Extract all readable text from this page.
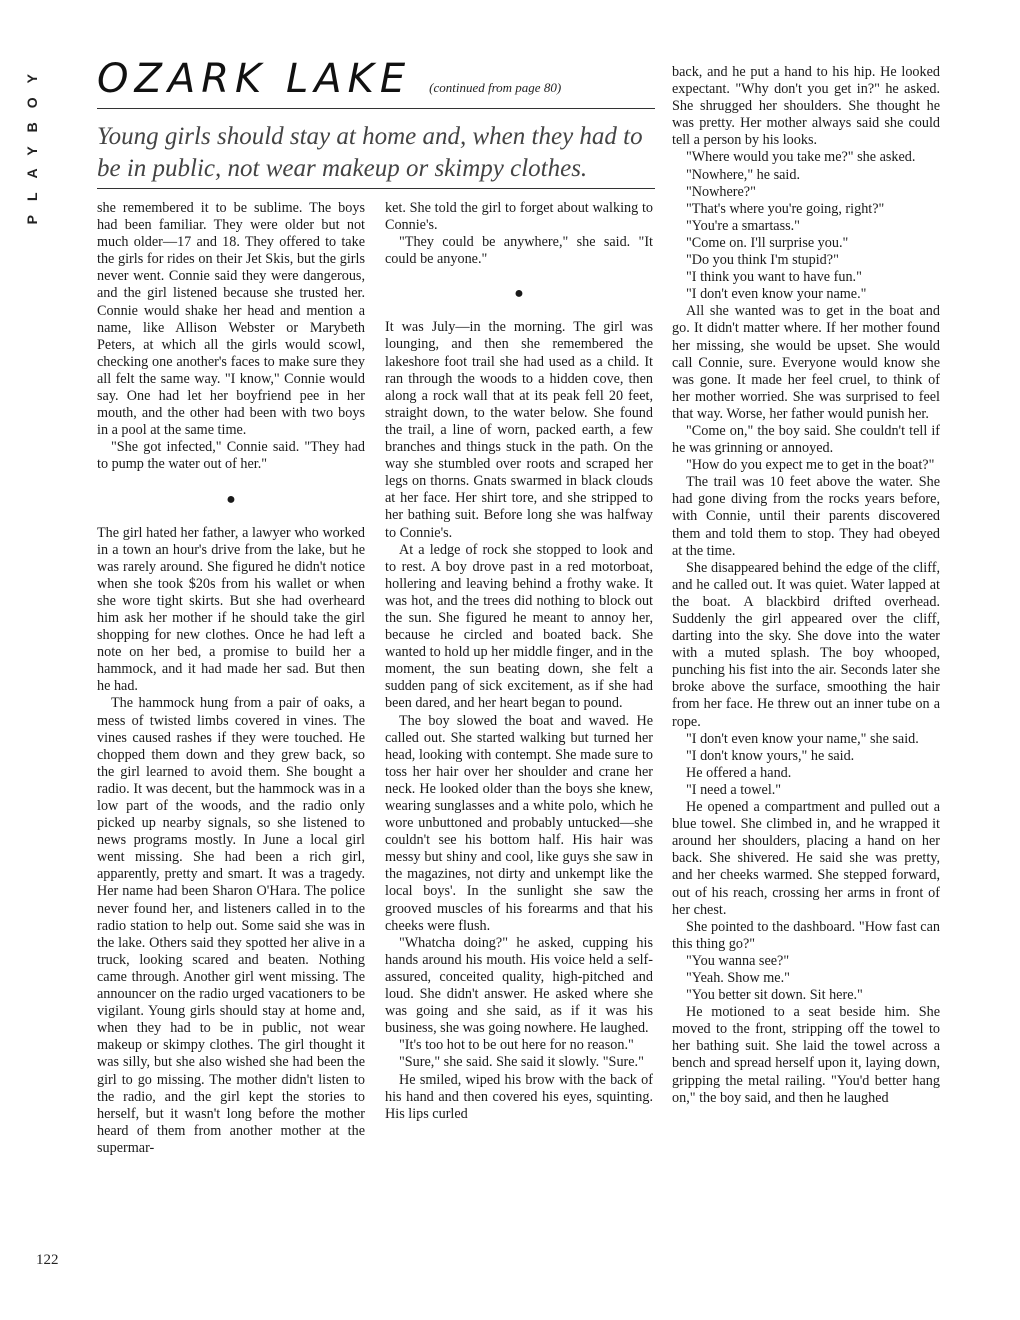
PLAYBOY OZARK LAKE (continued from page 80)
Young girls should stay at home and, when they had to be in public, not wear makeup or skimpy clothes.

she remembered it to be sublime. The boys had been familiar. They were older but not much older—17 and 18. They offered to take the girls for rides on their Jet Skis, but the girls never went. Connie said they were dangerous, and the girl listened because she trusted her. Connie would shake her head and mention a name, like Allison Webster or Marybeth Peters, at which all the girls would scowl, checking one another's faces to make sure they all felt the same way. "I know," Connie would say. One had let her boyfriend pee in her mouth, and the other had been with two boys in a pool at the same time.

"She got infected," Connie said. "They had to pump the water out of her."

●

The girl hated her father, a lawyer who worked in a town an hour's drive from the lake, but he was rarely around. She figured he didn't notice when she took $20s from his wallet or when she wore tight skirts. But she had overheard him ask her mother if he should take the girl shopping for new clothes. Once he had left a note on her bed, a promise to build her a hammock, and it had made her sad. But then he had.

The hammock hung from a pair of oaks, a mess of twisted limbs covered in vines. The vines caused rashes if they were touched. He chopped them down and they grew back, so the girl learned to avoid them. She bought a radio. It was decent, but the hammock was in a low part of the woods, and the radio only picked up nearby signals, so she listened to news programs mostly. In June a local girl went missing. She had been a rich girl, apparently, pretty and smart. It was a tragedy. Her name had been Sharon O'Hara. The police never found her, and listeners called in to the radio station to help out. Some said she was in the lake. Others said they spotted her alive in a truck, looking scared and beaten. Nothing came through. Another girl went missing. The announcer on the radio urged vacationers to be vigilant. Young girls should stay at home and, when they had to be in public, not wear makeup or skimpy clothes. The girl thought it was silly, but she also wished she had been the girl to go missing. The mother didn't listen to the radio, and the girl kept the stories to herself, but it wasn't long before the mother heard of them from another mother at the supermar-

ket. She told the girl to forget about walking to Connie's.

"They could be anywhere," she said. "It could be anyone."

●

It was July—in the morning. The girl was lounging, and then she remembered the lakeshore foot trail she had used as a child. It ran through the woods to a hidden cove, then along a rock wall that at its peak fell 20 feet, straight down, to the water below. She found the trail, a line of worn, packed earth, a few branches and things stuck in the path. On the way she stumbled over roots and scraped her legs on thorns. Gnats swarmed in black clouds at her face. Her shirt tore, and she stripped to her bathing suit. Before long she was halfway to Connie's.

At a ledge of rock she stopped to look and to rest. A boy drove past in a red motorboat, hollering and leaving behind a frothy wake. It was hot, and the trees did nothing to block out the sun. She figured he meant to annoy her, because he circled and boated back. She wanted to hold up her middle finger, and in the moment, the sun beating down, she felt a sudden pang of sick excitement, as if she had been dared, and her heart began to pound.

The boy slowed the boat and waved. He called out. She started walking but turned her head, looking with contempt. She made sure to toss her hair over her shoulder and crane her neck. He looked older than the boys she knew, wearing sunglasses and a white polo, which he wore unbuttoned and probably untucked—she couldn't see his bottom half. His hair was messy but shiny and cool, like guys she saw in the magazines, not dirty and unkempt like the local boys'. In the sunlight she saw the grooved muscles of his forearms and that his cheeks were flush.

"Whatcha doing?" he asked, cupping his hands around his mouth. His voice held a self-assured, conceited quality, high-pitched and loud. She didn't answer. He asked where she was going and she said, as if it was his business, she was going nowhere. He laughed.

"It's too hot to be out here for no reason."

"Sure," she said. She said it slowly. "Sure."

He smiled, wiped his brow with the back of his hand and then covered his eyes, squinting. His lips curled

back, and he put a hand to his hip. He looked expectant. "Why don't you get in?" he asked. She shrugged her shoulders. She thought he was pretty. Her mother always said she could tell a person by his looks.

"Where would you take me?" she asked.

"Nowhere," he said.

"Nowhere?"

"That's where you're going, right?"

"You're a smartass."

"Come on. I'll surprise you."

"Do you think I'm stupid?"

"I think you want to have fun."

"I don't even know your name."

All she wanted was to get in the boat and go. It didn't matter where. If her mother found her missing, she would be upset. She would call Connie, sure. Everyone would know she was gone. It made her feel cruel, to think of her mother worried. She was surprised to feel that way. Worse, her father would punish her.

"Come on," the boy said. She couldn't tell if he was grinning or annoyed.

"How do you expect me to get in the boat?"

The trail was 10 feet above the water. She had gone diving from the rocks years before, with Connie, until their parents discovered them and told them to stop. They had obeyed at the time.

She disappeared behind the edge of the cliff, and he called out. It was quiet. Water lapped at the boat. A blackbird drifted overhead. Suddenly the girl appeared over the cliff, darting into the sky. She dove into the water with a muted splash. The boy whooped, punching his fist into the air. Seconds later she broke above the surface, smoothing the hair from her face. He threw out an inner tube on a rope.

"I don't even know your name," she said.

"I don't know yours," he said.

He offered a hand.

"I need a towel."

He opened a compartment and pulled out a blue towel. She climbed in, and he wrapped it around her shoulders, placing a hand on her back. She shivered. He said she was pretty, and her cheeks warmed. She stepped forward, out of his reach, crossing her arms in front of her chest.

She pointed to the dashboard. "How fast can this thing go?"

"You wanna see?"

"Yeah. Show me."

"You better sit down. Sit here."

He motioned to a seat beside him. She moved to the front, stripping off the towel to her bathing suit. She laid the towel across a bench and spread herself upon it, laying down, gripping the metal railing. "You'd better hang on," the boy said, and then he laughed

122
